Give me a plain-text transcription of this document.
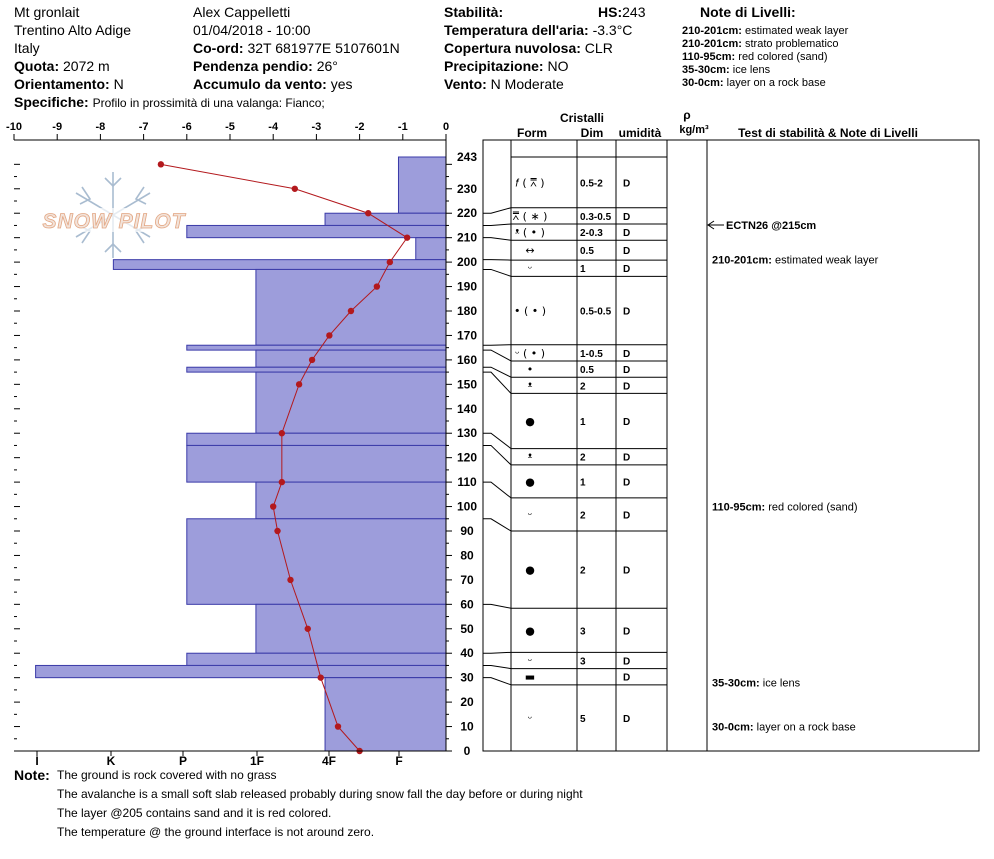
Mt gronlait
Trentino Alto Adige
Italy
Quota: 2072 m
Orientamento: N
Specifiche: Profilo in prossimità di una valanga: Fianco;
Alex Cappelletti
01/04/2018 - 10:00
Co-ord: 32T 681977E 5107601N
Pendenza pendio: 26°
Accumulo da vento: yes
Stabilità:	HS:243
Temperatura dell'aria: -3.3°C
Copertura nuvolosa: CLR
Precipitazione: NO
Vento: N Moderate
Note di Livelli:
210-201cm: estimated weak layer
210-201cm: strato problematico
110-95cm: red colored (sand)
35-30cm: ice lens
30-0cm: layer on a rock base
SNOW PILOT
-10	-9	-8	-7	-6	-5	-4	-3	-2	-1	0
I	K	P	1F	4F	F
243
230
220
210
200
190
180
170
160
150
140
130
120
110
100
90
80
70
60
50
40
30
20
10
0
𝑓 ( ⩞ )	0.5-2 D
⩞ ( ∗ )	0.3-0.5 D
ᵜ ( • )	2-0.3 D
↔	0.5	D
ᵕ	1	D
• ( • )	0.5-0.5 D
ᵕ ( • )	1-0.5 D
•	0.5	D
ᵜ	2	D
●	1	D
ᵜ	2	D
●	1	D
ᵕ	2	D
●	2	D
●	3	D
ᵕ	3	D
▬	D
ᵕ	5	D
Cristalli
Form	Dim umidità
ρ
kg/m³ Test di stabilità & Note di Livelli
ECTN26 @215cm
210-201cm: estimated weak layer
110-95cm: red colored (sand)
35-30cm: ice lens
30-0cm: layer on a rock base
Note: The ground is rock covered with no grass
The avalanche is a small soft slab released probably during snow fall the day before or during night
The layer @205 contains sand and it is red colored.
The temperature @ the ground interface is not around zero.
